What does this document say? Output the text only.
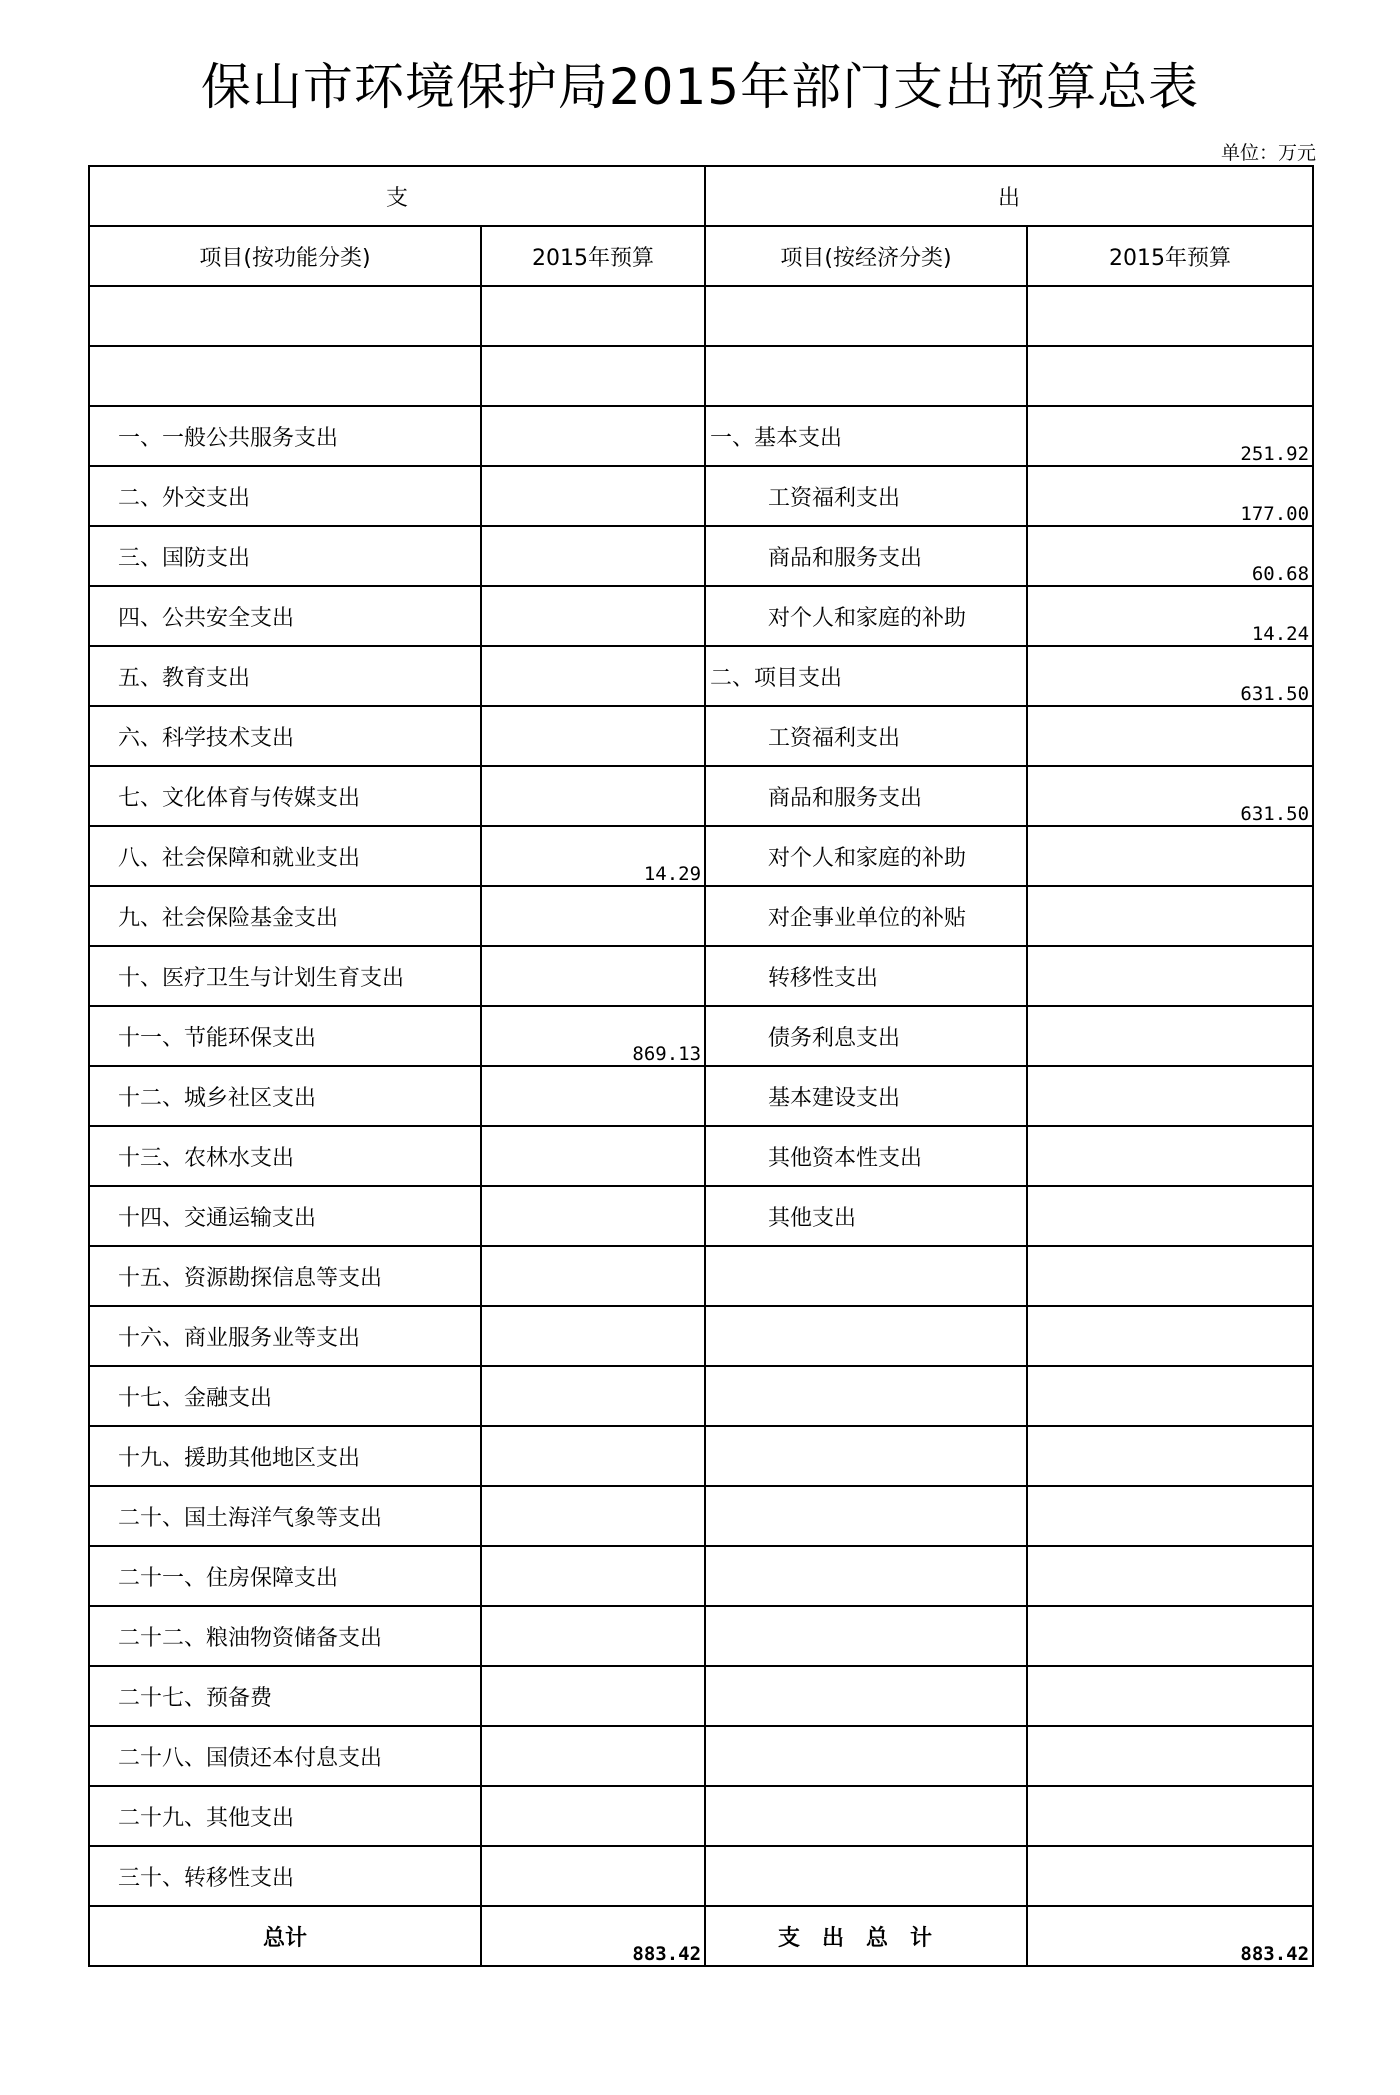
保山市环境保护局2015年部门支出预算总表
单位：万元
支		出	
项目(按功能分类)	2015年预算	项目(按经济分类)	2015年预算

一、一般公共服务支出		一、基本支出	251.92

二、外交支出		工资福利支出	177.00

三、国防支出		商品和服务支出	60.68

四、公共安全支出		对个人和家庭的补助	14.24

五、教育支出		二、项目支出	631.50

六、科学技术支出		工资福利支出	

七、文化体育与传媒支出		商品和服务支出	631.50

八、社会保障和就业支出	14.29	对个人和家庭的补助	

九、社会保险基金支出		对企事业单位的补贴	

十、医疗卫生与计划生育支出		转移性支出	

十一、节能环保支出	869.13	债务利息支出	

十二、城乡社区支出		基本建设支出	

十三、农林水支出		其他资本性支出	

十四、交通运输支出		其他支出	

十五、资源勘探信息等支出	

十六、商业服务业等支出	

十七、金融支出	

十九、援助其他地区支出	

二十、国土海洋气象等支出	

二十一、住房保障支出	

二十二、粮油物资储备支出	

二十七、预备费	

二十八、国债还本付息支出	

二十九、其他支出	

三十、转移性支出	

总计	883.42	支出总计	883.42
